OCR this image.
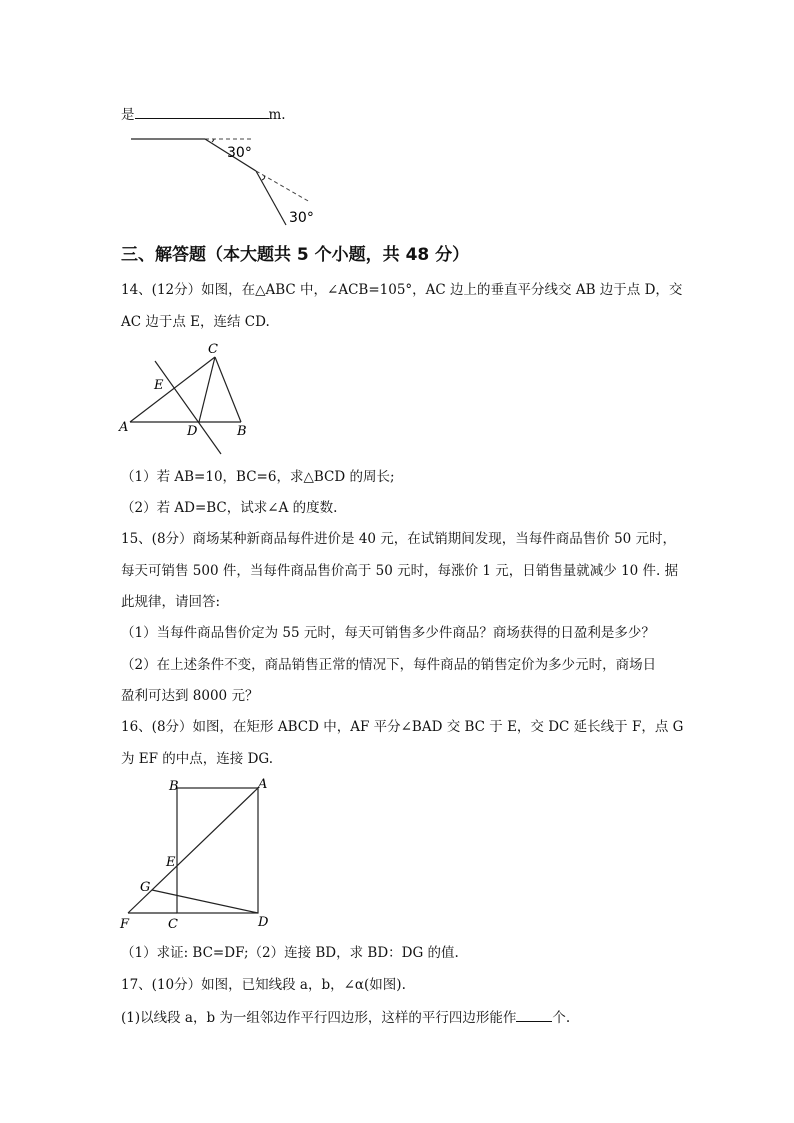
是	m.
30°
30°
三、解答题（本大题共 5 个小题，共 48 分）
14、(12分）如图，在△ABC 中，∠ACB=105°，AC 边上的垂直平分线交 AB 边于点 D，交
AC 边于点 E，连结 CD.
C
E
A	D	B
（1）若 AB=10，BC=6，求△BCD 的周长;
（2）若 AD=BC，试求∠A 的度数.
15、(8分）商场某种新商品每件进价是 40 元，在试销期间发现，当每件商品售价 50 元时，
每天可销售 500 件，当每件商品售价高于 50 元时，每涨价 1 元，日销售量就减少 10 件. 据
此规律，请回答:
（1）当每件商品售价定为 55 元时，每天可销售多少件商品？商场获得的日盈利是多少？
（2）在上述条件不变，商品销售正常的情况下，每件商品的销售定价为多少元时，商场日
盈利可达到 8000 元？
16、(8分）如图，在矩形 ABCD 中，AF 平分∠BAD 交 BC 于 E，交 DC 延长线于 F，点 G
为 EF 的中点，连接 DG.
B	A
E
G
F	C	D
（1）求证: BC=DF;（2）连接 BD，求 BD：DG 的值.
17、(10分）如图，已知线段 a，b，∠α(如图).
(1)以线段 a，b 为一组邻边作平行四边形，这样的平行四边形能作	个.
